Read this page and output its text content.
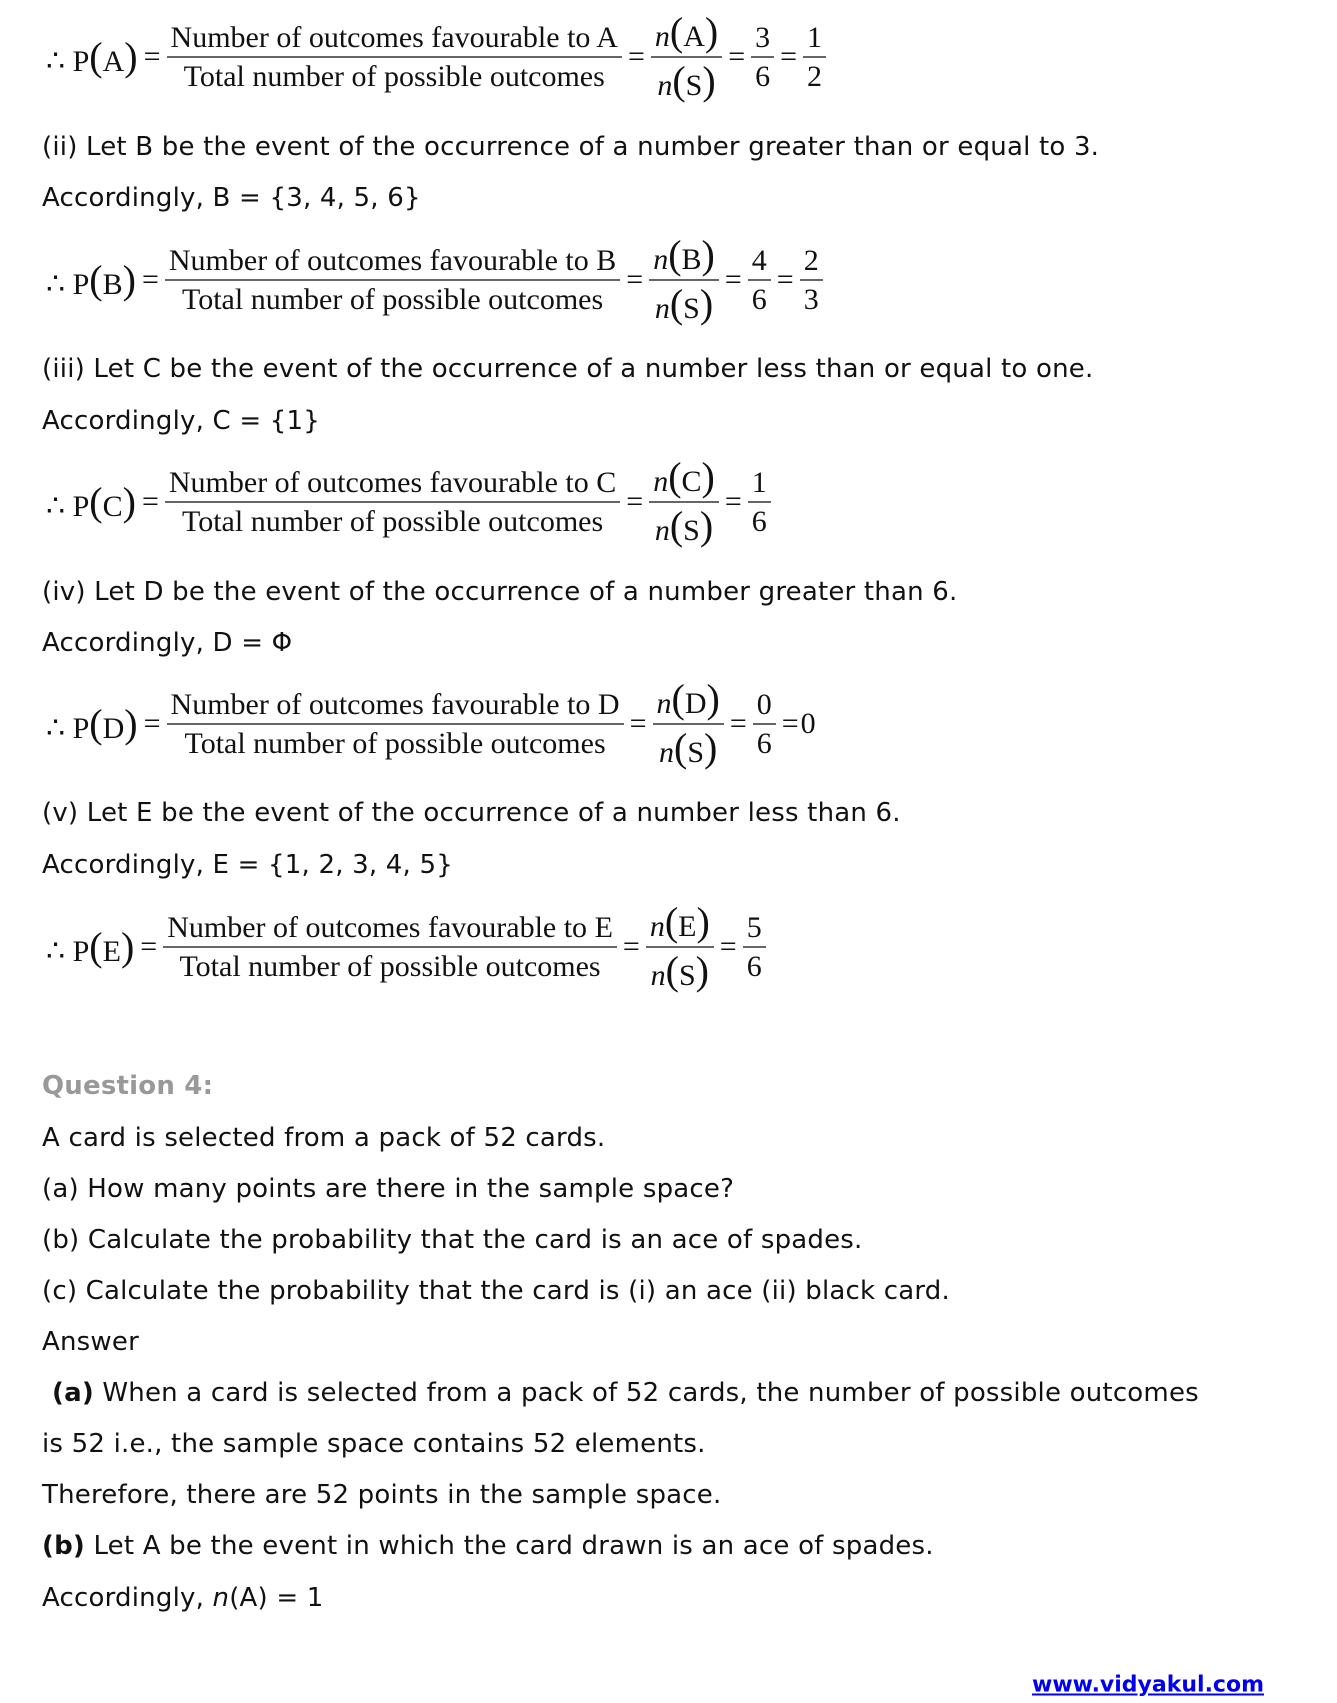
∴ $P(A) = \frac{\text{Number of outcomes favourable to A}}{\text{Total number of possible outcomes}} = \frac{n(A)}{n(S)} = \frac{3}{6} = \frac{1}{2}$
(ii) Let B be the event of the occurrence of a number greater than or equal to 3.
Accordingly, B = {3, 4, 5, 6}
∴ $P(B) = \frac{\text{Number of outcomes favourable to B}}{\text{Total number of possible outcomes}} = \frac{n(B)}{n(S)} = \frac{4}{6} = \frac{2}{3}$
(iii) Let C be the event of the occurrence of a number less than or equal to one.
Accordingly, C = {1}
∴ $P(C) = \frac{\text{Number of outcomes favourable to C}}{\text{Total number of possible outcomes}} = \frac{n(C)}{n(S)} = \frac{1}{6}$
(iv) Let D be the event of the occurrence of a number greater than 6.
Accordingly, D = Φ
∴ $P(D) = \frac{\text{Number of outcomes favourable to D}}{\text{Total number of possible outcomes}} = \frac{n(D)}{n(S)} = \frac{0}{6} = 0$
(v) Let E be the event of the occurrence of a number less than 6.
Accordingly, E = {1, 2, 3, 4, 5}
∴ $P(E) = \frac{\text{Number of outcomes favourable to E}}{\text{Total number of possible outcomes}} = \frac{n(E)}{n(S)} = \frac{5}{6}$
Question 4:
A card is selected from a pack of 52 cards.
(a) How many points are there in the sample space?
(b) Calculate the probability that the card is an ace of spades.
(c) Calculate the probability that the card is (i) an ace (ii) black card.
Answer
(a) When a card is selected from a pack of 52 cards, the number of possible outcomes
is 52 i.e., the sample space contains 52 elements.
Therefore, there are 52 points in the sample space.
(b) Let A be the event in which the card drawn is an ace of spades.
Accordingly, n(A) = 1
www.vidyakul.com
